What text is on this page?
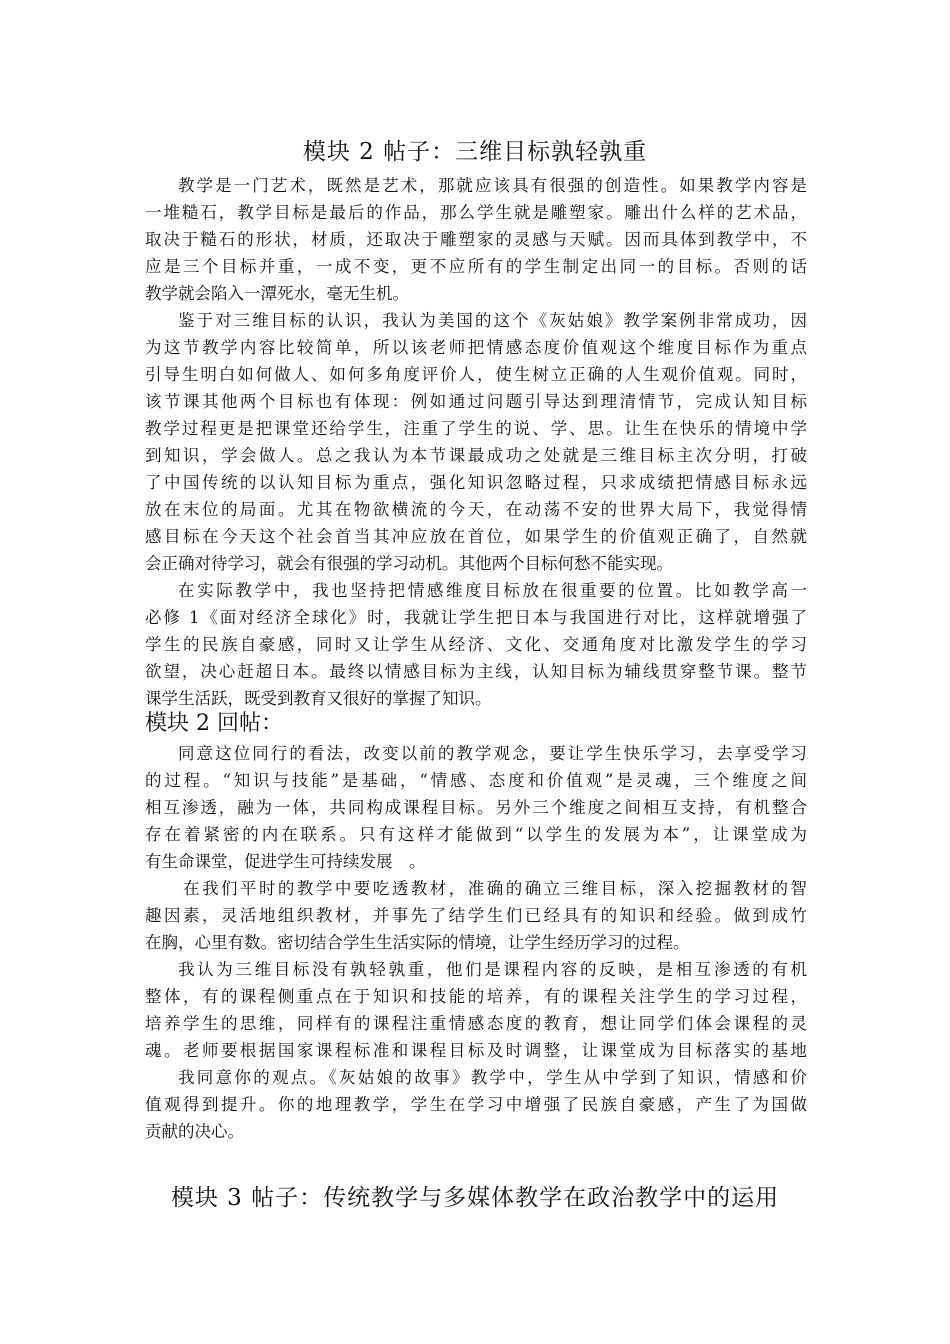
模块 2 帖子：三维目标孰轻孰重
教学是一门艺术，既然是艺术，那就应该具有很强的创造性。如果教学内容是
一堆糙石，教学目标是最后的作品，那么学生就是雕塑家。雕出什么样的艺术品，
取决于糙石的形状，材质，还取决于雕塑家的灵感与天赋。因而具体到教学中，不
应是三个目标并重，一成不变，更不应所有的学生制定出同一的目标。否则的话
教学就会陷入一潭死水，毫无生机。
鉴于对三维目标的认识，我认为美国的这个《灰姑娘》教学案例非常成功，因
为这节教学内容比较简单，所以该老师把情感态度价值观这个维度目标作为重点
引导生明白如何做人、如何多角度评价人，使生树立正确的人生观价值观。同时，
该节课其他两个目标也有体现：例如通过问题引导达到理清情节，完成认知目标
教学过程更是把课堂还给学生，注重了学生的说、学、思。让生在快乐的情境中学
到知识，学会做人。总之我认为本节课最成功之处就是三维目标主次分明，打破
了中国传统的以认知目标为重点，强化知识忽略过程，只求成绩把情感目标永远
放在末位的局面。尤其在物欲横流的今天，在动荡不安的世界大局下，我觉得情
感目标在今天这个社会首当其冲应放在首位，如果学生的价值观正确了，自然就
会正确对待学习，就会有很强的学习动机。其他两个目标何愁不能实现。
在实际教学中，我也坚持把情感维度目标放在很重要的位置。比如教学高一
必修 1《面对经济全球化》时，我就让学生把日本与我国进行对比，这样就增强了
学生的民族自豪感，同时又让学生从经济、文化、交通角度对比激发学生的学习
欲望，决心赶超日本。最终以情感目标为主线，认知目标为辅线贯穿整节课。整节
课学生活跃，既受到教育又很好的掌握了知识。
模块 2 回帖：
同意这位同行的看法，改变以前的教学观念，要让学生快乐学习，去享受学习
的过程。“知识与技能”是基础，“情感、态度和价值观”是灵魂，三个维度之间
相互渗透，融为一体，共同构成课程目标。另外三个维度之间相互支持，有机整合
存在着紧密的内在联系。只有这样才能做到“以学生的发展为本”，让课堂成为
有生命课堂，促进学生可持续发展　。
在我们平时的教学中要吃透教材，准确的确立三维目标，深入挖掘教材的智
趣因素，灵活地组织教材，并事先了结学生们已经具有的知识和经验。做到成竹
在胸，心里有数。密切结合学生生活实际的情境，让学生经历学习的过程。
我认为三维目标没有孰轻孰重，他们是课程内容的反映，是相互渗透的有机
整体，有的课程侧重点在于知识和技能的培养，有的课程关注学生的学习过程，
培养学生的思维，同样有的课程注重情感态度的教育，想让同学们体会课程的灵
魂。老师要根据国家课程标准和课程目标及时调整，让课堂成为目标落实的基地
我同意你的观点。《灰姑娘的故事》教学中，学生从中学到了知识，情感和价
值观得到提升。你的地理教学，学生在学习中增强了民族自豪感，产生了为国做
贡献的决心。
模块 3 帖子：传统教学与多媒体教学在政治教学中的运用
